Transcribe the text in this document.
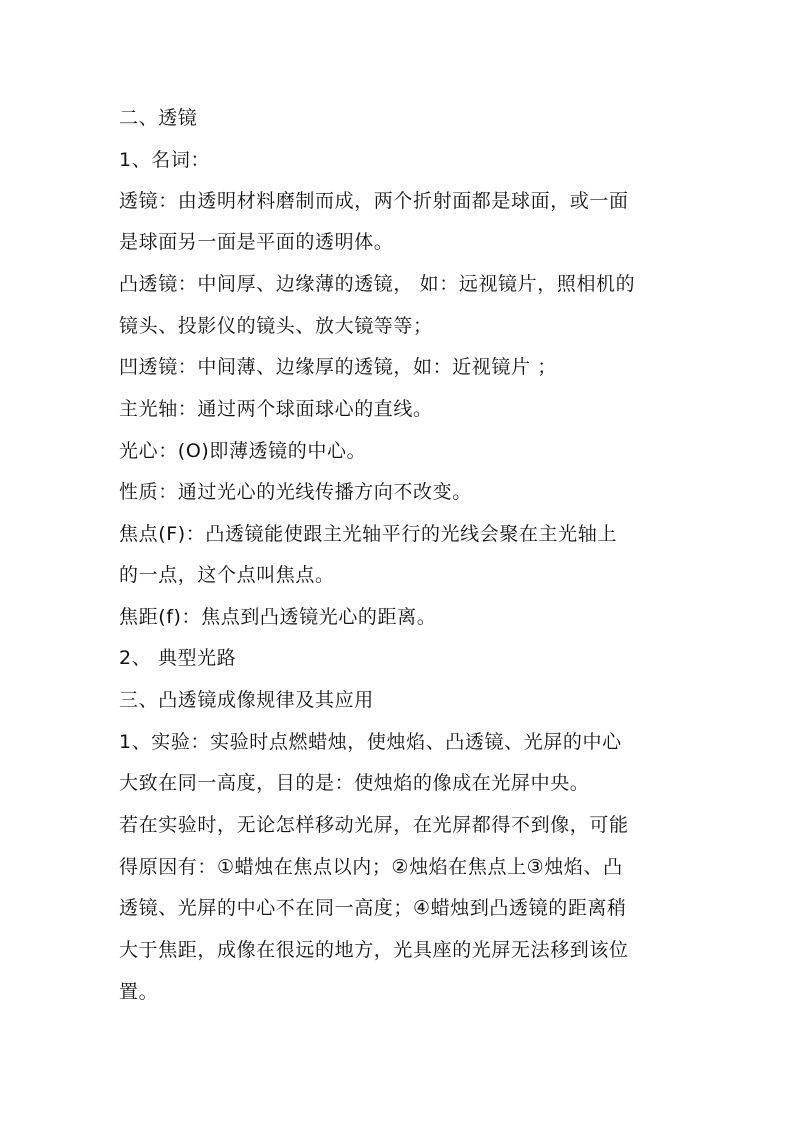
二、透镜
1、名词：
透镜：由透明材料磨制而成，两个折射面都是球面，或一面
是球面另一面是平面的透明体。
凸透镜：中间厚、边缘薄的透镜， 如：远视镜片，照相机的
镜头、投影仪的镜头、放大镜等等；
凹透镜：中间薄、边缘厚的透镜，如：近视镜片 ；
主光轴：通过两个球面球心的直线。
光心：(O)即薄透镜的中心。
性质：通过光心的光线传播方向不改变。
焦点(F)：凸透镜能使跟主光轴平行的光线会聚在主光轴上
的一点，这个点叫焦点。
焦距(f)：焦点到凸透镜光心的距离。
2、 典型光路
三、凸透镜成像规律及其应用
1、实验：实验时点燃蜡烛，使烛焰、凸透镜、光屏的中心
大致在同一高度，目的是：使烛焰的像成在光屏中央。
若在实验时，无论怎样移动光屏，在光屏都得不到像，可能
得原因有：①蜡烛在焦点以内；②烛焰在焦点上③烛焰、凸
透镜、光屏的中心不在同一高度；④蜡烛到凸透镜的距离稍
大于焦距，成像在很远的地方，光具座的光屏无法移到该位
置。
